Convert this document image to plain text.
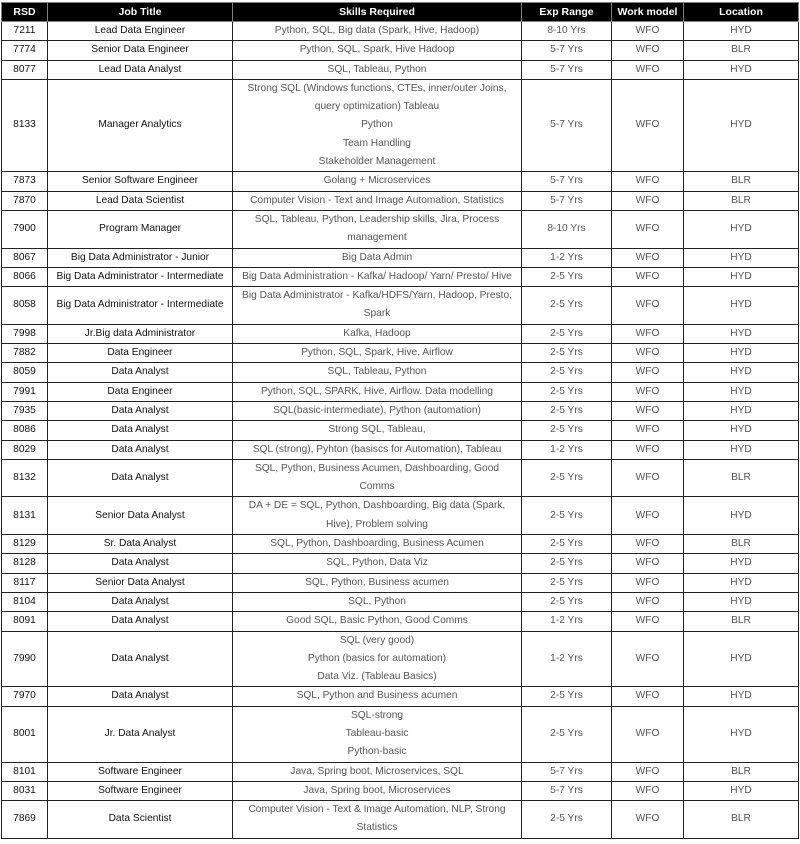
RSD	Job Title	Skills Required	Exp Range	Work model	Location
7211	Lead Data Engineer	Python, SQL, Big data (Spark, Hive, Hadoop)	8-10 Yrs	WFO	HYD
7774	Senior Data Engineer	Python, SQL, Spark, Hive Hadoop	5-7 Yrs	WFO	BLR
8077	Lead Data Analyst	SQL, Tableau, Python	5-7 Yrs	WFO	HYD
8133	Manager Analytics	Strong SQL (Windows functions, CTEs, inner/outer Joins,
query optimization) Tableau
Python
Team Handling
Stakeholder Management	5-7 Yrs	WFO	HYD
7873	Senior Software Engineer	Golang + Microservices	5-7 Yrs	WFO	BLR
7870	Lead Data Scientist	Computer Vision - Text and Image Automation, Statistics	5-7 Yrs	WFO	BLR
7900	Program Manager	SQL, Tableau, Python, Leadership skills, Jira, Process
management	8-10 Yrs	WFO	HYD
8067	Big Data Administrator - Junior	Big Data Admin	1-2 Yrs	WFO	HYD
8066	Big Data Administrator - Intermediate	Big Data Administration - Kafka/ Hadoop/ Yarn/ Presto/ Hive	2-5 Yrs	WFO	HYD
8058	Big Data Administrator - Intermediate	Big Data Administrator - Kafka/HDFS/Yarn, Hadoop, Presto,
Spark	2-5 Yrs	WFO	HYD
7998	Jr.Big data Administrator	Kafka, Hadoop	2-5 Yrs	WFO	HYD
7882	Data Engineer	Python, SQL, Spark, Hive, Airflow	2-5 Yrs	WFO	HYD
8059	Data Analyst	SQL, Tableau, Python	2-5 Yrs	WFO	HYD
7991	Data Engineer	Python, SQL, SPARK, Hive, Airflow. Data modelling	2-5 Yrs	WFO	HYD
7935	Data Analyst	SQL(basic-intermediate), Python (automation)	2-5 Yrs	WFO	HYD
8086	Data Analyst	Strong SQL, Tableau,	2-5 Yrs	WFO	HYD
8029	Data Analyst	SQL (strong), Pyhton (basiscs for Automation), Tableau	1-2 Yrs	WFO	HYD
8132	Data Analyst	SQL, Python, Business Acumen, Dashboarding, Good
Comms	2-5 Yrs	WFO	BLR
8131	Senior Data Analyst	DA + DE = SQL, Python, Dashboarding, Big data (Spark,
Hive), Problem solving	2-5 Yrs	WFO	HYD
8129	Sr. Data Analyst	SQL, Python, Dashboarding, Business Acumen	2-5 Yrs	WFO	BLR
8128	Data Analyst	SQL, Python, Data Viz	2-5 Yrs	WFO	HYD
8117	Senior Data Analyst	SQL, Python, Business acumen	2-5 Yrs	WFO	HYD
8104	Data Analyst	SQL, Python	2-5 Yrs	WFO	HYD
8091	Data Analyst	Good SQL, Basic Python, Good Comms	1-2 Yrs	WFO	BLR
7990	Data Analyst	SQL (very good)
Python (basics for automation)
Data Viz. (Tableau Basics)	1-2 Yrs	WFO	HYD
7970	Data Analyst	SQL, Python and Business acumen	2-5 Yrs	WFO	HYD
8001	Jr. Data Analyst	SQL-strong
Tableau-basic
Python-basic	2-5 Yrs	WFO	HYD
8101	Software Engineer	Java, Spring boot, Microservices, SQL	5-7 Yrs	WFO	BLR
8031	Software Engineer	Java, Spring boot, Microservices	5-7 Yrs	WFO	HYD
7869	Data Scientist	Computer Vision - Text & Image Automation, NLP, Strong
Statistics	2-5 Yrs	WFO	BLR
